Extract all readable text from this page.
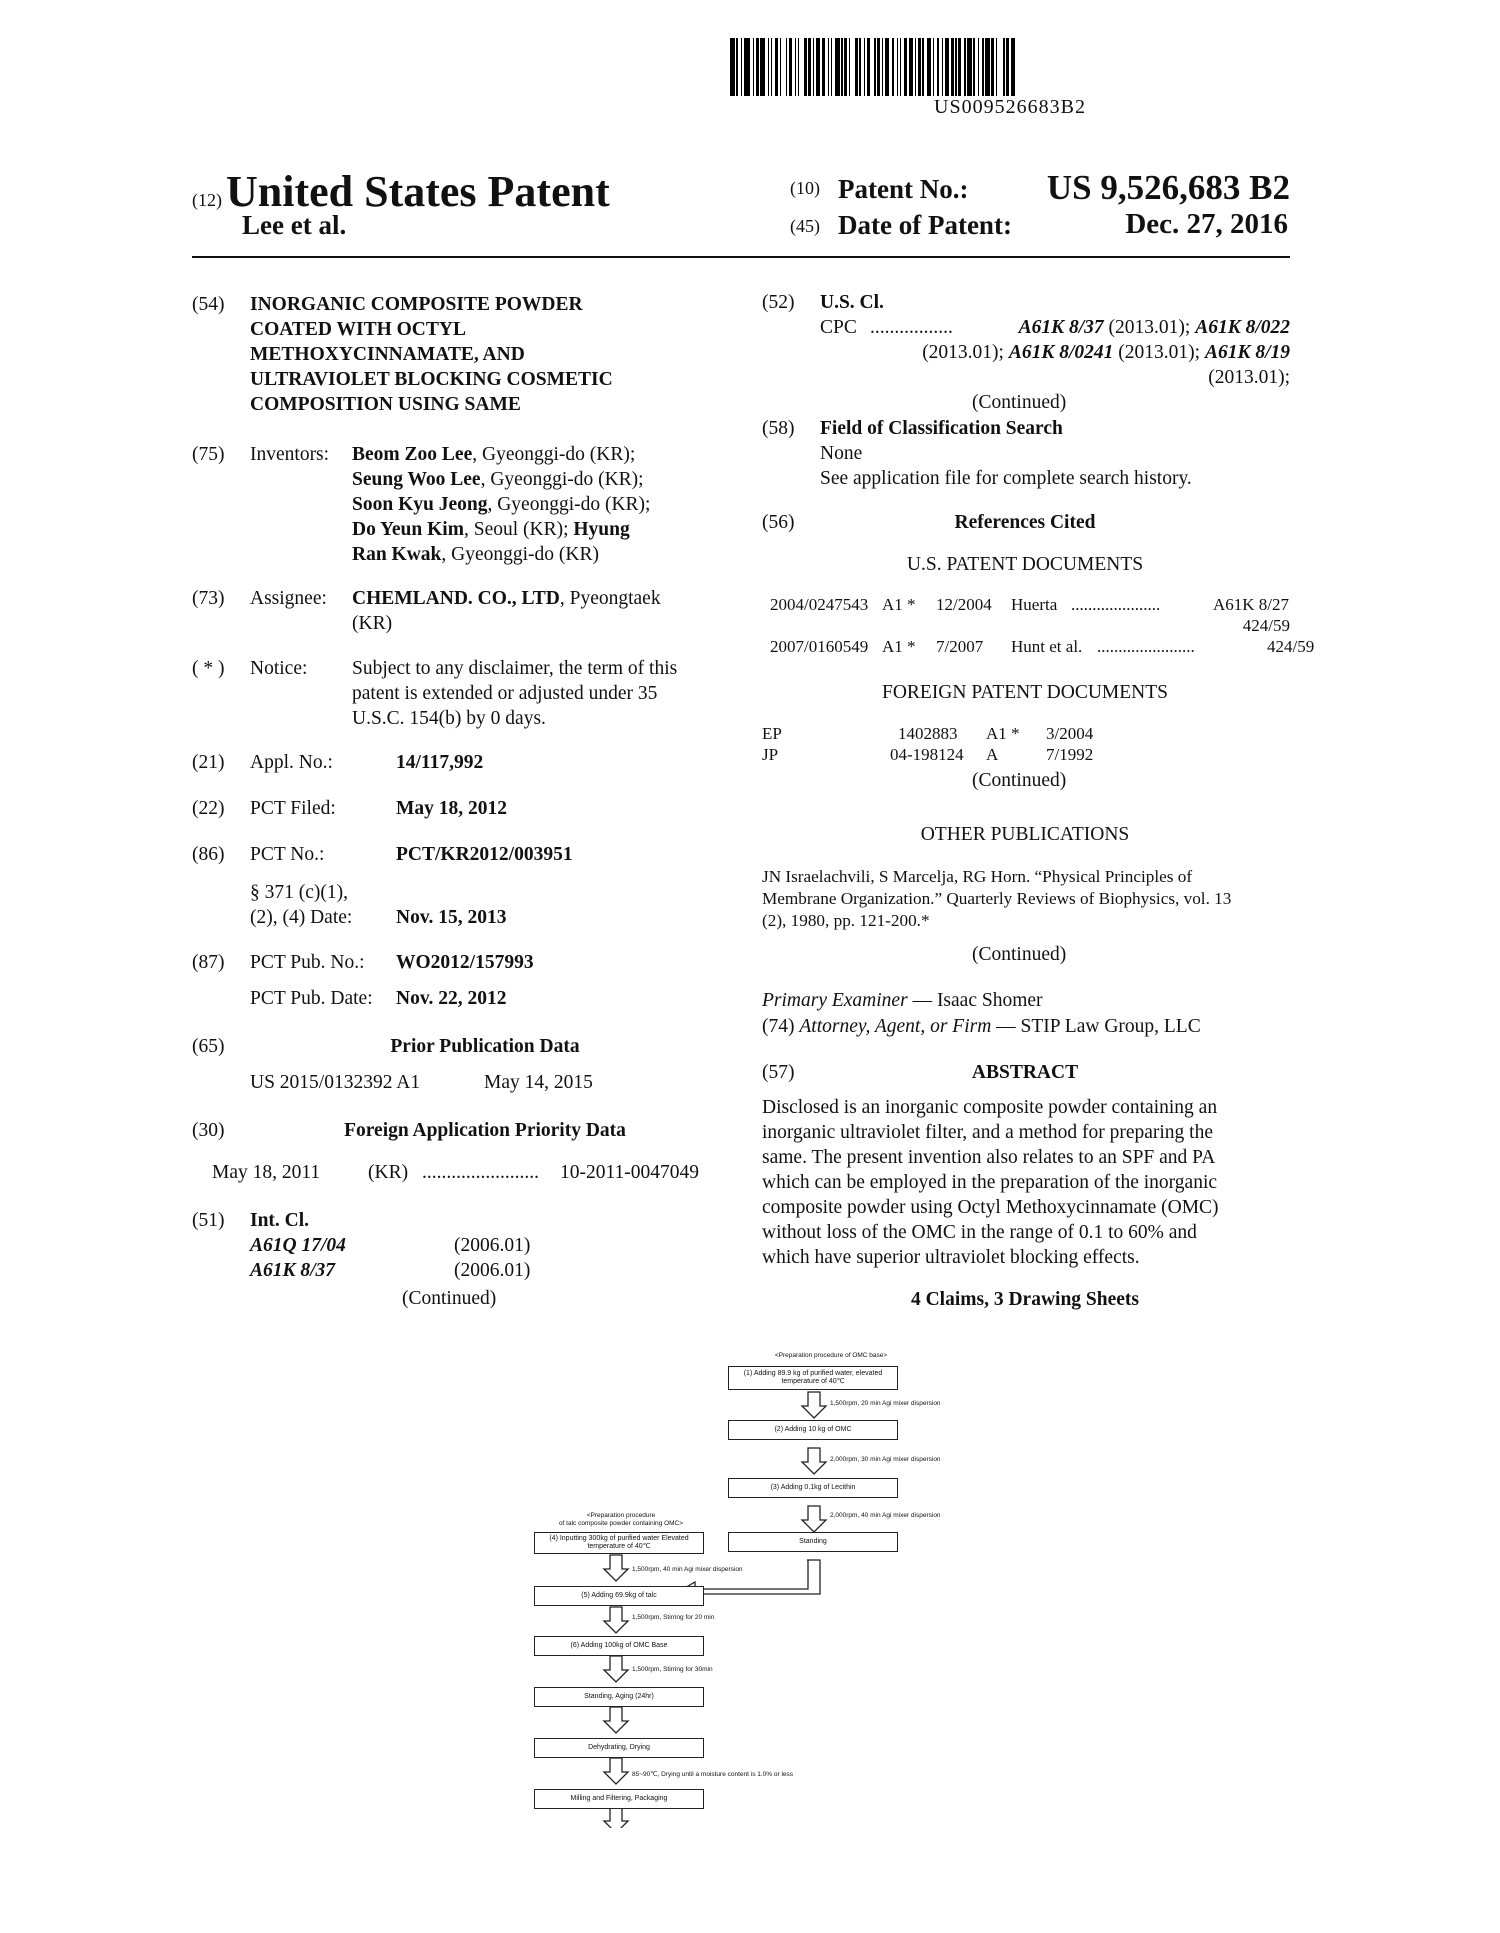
US009526683B2
(12) United States Patent
Lee et al.
(10) Patent No.: US 9,526,683 B2
(45) Date of Patent:	Dec. 27, 2016
(54) INORGANIC COMPOSITE POWDER
COATED WITH OCTYL
METHOXYCINNAMATE, AND
ULTRAVIOLET BLOCKING COSMETIC
COMPOSITION USING SAME
(75) Inventors: Beom Zoo Lee, Gyeonggi-do (KR);
Seung Woo Lee, Gyeonggi-do (KR);
Soon Kyu Jeong, Gyeonggi-do (KR);
Do Yeun Kim, Seoul (KR); Hyung
Ran Kwak, Gyeonggi-do (KR)
(73) Assignee: CHEMLAND. CO., LTD, Pyeongtaek
(KR)
( * ) Notice: Subject to any disclaimer, the term of this
patent is extended or adjusted under 35
U.S.C. 154(b) by 0 days.
(21) Appl. No.:	14/117,992
(22) PCT Filed:	May 18, 2012
(86) PCT No.:	PCT/KR2012/003951
§ 371 (c)(1),
(2), (4) Date: Nov. 15, 2013
(87) PCT Pub. No.: WO2012/157993
PCT Pub. Date: Nov. 22, 2012
(65)	Prior Publication Data
US 2015/0132392 A1	May 14, 2015
(30)	Foreign Application Priority Data
May 18, 2011 (KR) ........................ 10-2011-0047049
(51) Int. Cl.
A61Q 17/04	(2006.01)
A61K 8/37	(2006.01)
(Continued)
(52) U.S. Cl.
CPC .................	A61K 8/37 (2013.01); A61K 8/022
(2013.01); A61K 8/0241 (2013.01); A61K 8/19
(2013.01);
(Continued)
(58) Field of Classification Search
None
See application file for complete search history.
(56)	References Cited
U.S. PATENT DOCUMENTS
2004/0247543 A1 * 12/2004 Huerta .....................	A61K 8/27
424/59
2007/0160549 A1 * 7/2007 Hunt et al. .......................	424/59
FOREIGN PATENT DOCUMENTS
EP	1402883 A1 * 3/2004
JP	04-198124 A	7/1992
(Continued)
OTHER PUBLICATIONS
JN Israelachvili, S Marcelja, RG Horn. “Physical Principles of
Membrane Organization.” Quarterly Reviews of Biophysics, vol. 13
(2), 1980, pp. 121-200.*
(Continued)
Primary Examiner — Isaac Shomer
(74) Attorney, Agent, or Firm — STIP Law Group, LLC
(57)	ABSTRACT
Disclosed is an inorganic composite powder containing an
inorganic ultraviolet filter, and a method for preparing the
same. The present invention also relates to an SPF and PA
which can be employed in the preparation of the inorganic
composite powder using Octyl Methoxycinnamate (OMC)
without loss of the OMC in the range of 0.1 to 60% and
which have superior ultraviolet blocking effects.
4 Claims, 3 Drawing Sheets
<Preparation procedure of OMC base>
(1) Adding 89.9 kg of purified water, elevated temperature of 40℃
1,500rpm, 20 min Agi mixer dispersion
(2) Adding 10 kg of OMC
2,000rpm, 30 min Agi mixer dispersion
(3) Adding 0.1kg of Lecithin
2,000rpm, 40 min Agi mixer dispersion
Standing
<Preparation procedure
of talc composite powder containing OMC>
(4) Inputting 300kg of purified water Elevated temperature of 40℃
1,500rpm, 40 min Agi mixer dispersion
(5) Adding 69.9kg of talc
1,500rpm, Stirring for 20 min
(6) Adding 100kg of OMC Base
1,500rpm, Stirring for 30min
Standing, Aging (24hr)
Dehydrating, Drying
85~90℃, Drying until a moisture content is 1.0% or less
Milling and Filtering, Packaging
